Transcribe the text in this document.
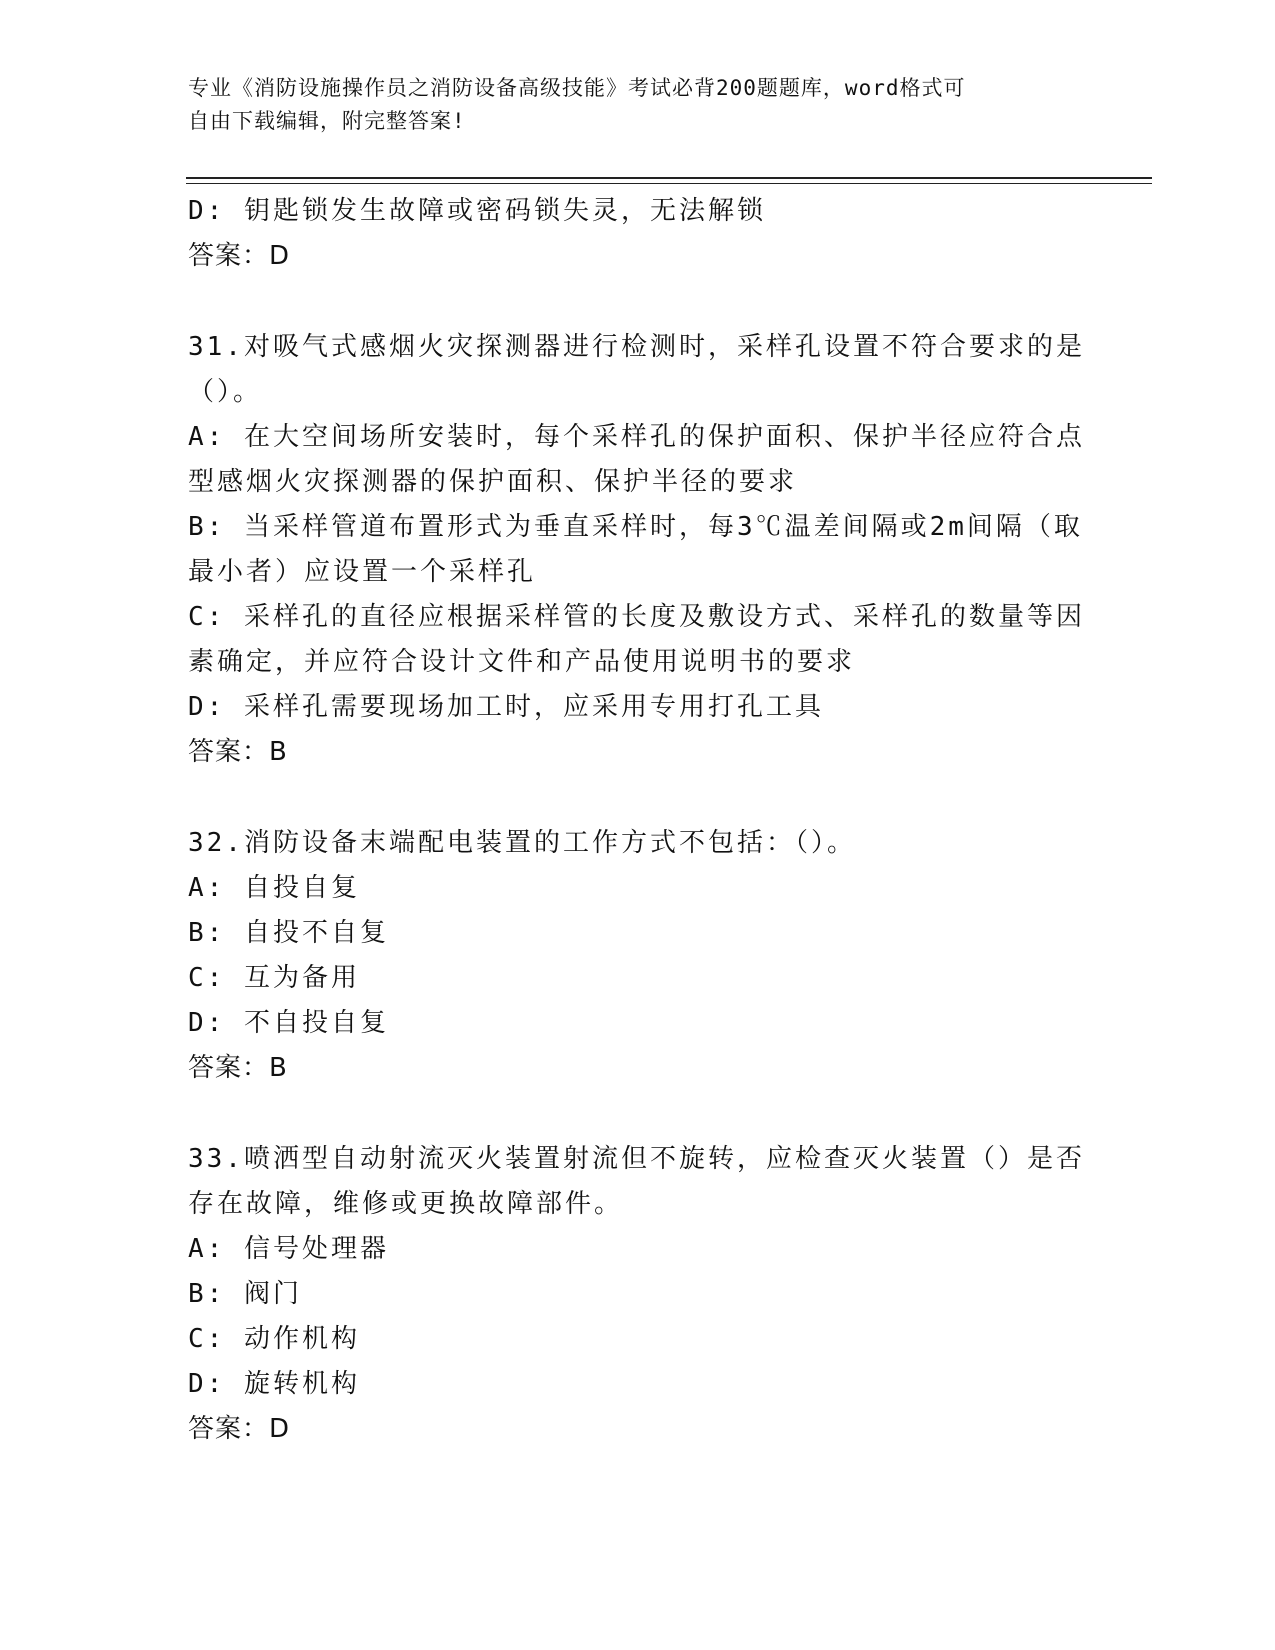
专业《消防设施操作员之消防设备高级技能》考试必背200题题库，word格式可
自由下载编辑，附完整答案!
D: 钥匙锁发生故障或密码锁失灵，无法解锁
答案：D
31.对吸气式感烟火灾探测器进行检测时，采样孔设置不符合要求的是
（）。
A: 在大空间场所安装时，每个采样孔的保护面积、保护半径应符合点
型感烟火灾探测器的保护面积、保护半径的要求
B: 当采样管道布置形式为垂直采样时，每3℃温差间隔或2m间隔（取
最小者）应设置一个采样孔
C: 采样孔的直径应根据采样管的长度及敷设方式、采样孔的数量等因
素确定，并应符合设计文件和产品使用说明书的要求
D: 采样孔需要现场加工时，应采用专用打孔工具
答案：B
32.消防设备末端配电装置的工作方式不包括：（）。
A: 自投自复
B: 自投不自复
C: 互为备用
D: 不自投自复
答案：B
33.喷洒型自动射流灭火装置射流但不旋转，应检查灭火装置（）是否
存在故障，维修或更换故障部件。
A: 信号处理器
B: 阀门
C: 动作机构
D: 旋转机构
答案：D
